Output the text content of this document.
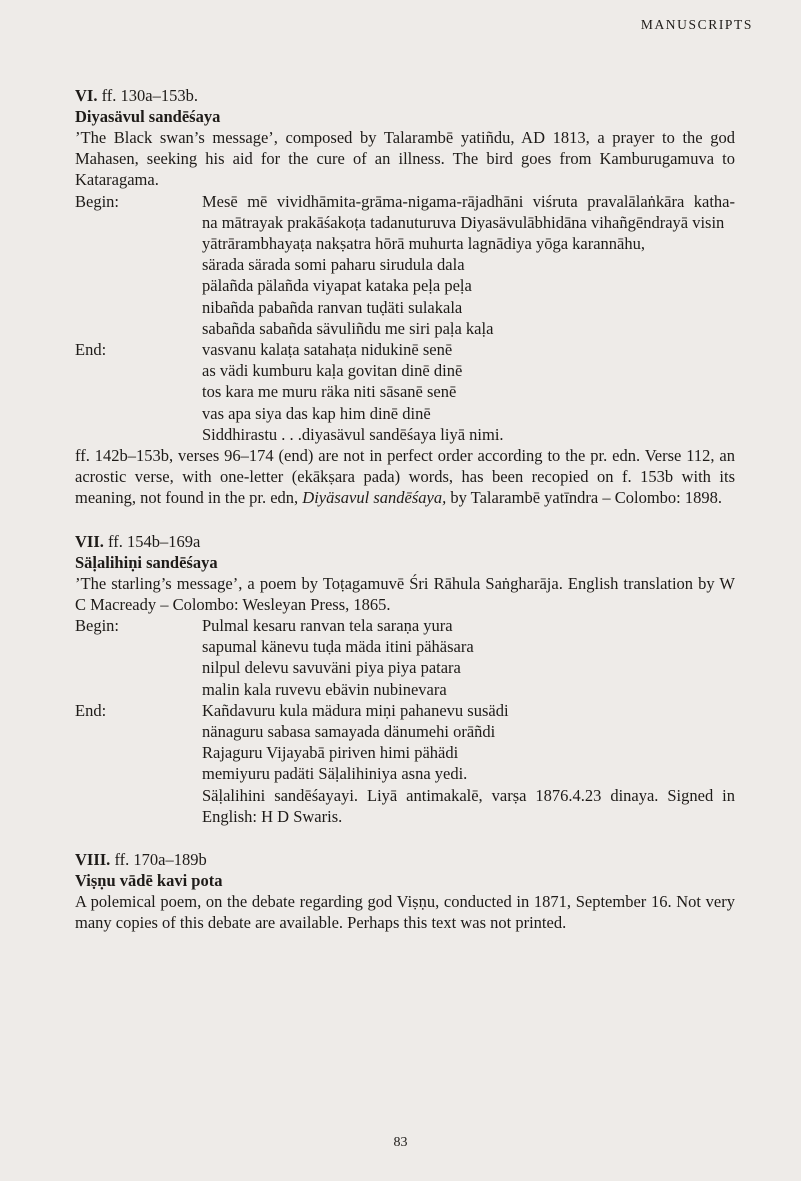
MANUSCRIPTS
VI. ff. 130a–153b.
Diyasävul sandēśaya

’The Black swan’s message’, composed by Talarambē yatiñdu, AD 1813, a prayer to the god Mahasen, seeking his aid for the cure of an illness. The bird goes from Kamburugamuva to Kataragama.

Begin:	Mesē mē vividhāmita-grāma-nigama-rājadhāni viśruta pravalālaṅkāra katha-
na mātrayak prakāśakoṭa tadanuturuva Diyasävulābhidāna vihañgēndrayā visin yātrārambhayaṭa nakṣatra hōrā muhurta lagnādiya yōga karannāhu,
särada särada somi paharu sirudula dala
pälañda pälañda viyapat kataka peḷa peḷa
nibañda pabañda ranvan tuḍäti sulakala
sabañda sabañda sävuliñdu me siri paḷa kaḷa
End:	vasvanu kalaṭa satahaṭa nidukinē senē
as vädi kumburu kaḷa govitan dinē dinē
tos kara me muru räka niti sāsanē senē
vas apa siya das kap him dinē dinē
Siddhirastu . . .diyasävul sandēśaya liyā nimi.

ff. 142b–153b, verses 96–174 (end) are not in perfect order according to the pr. edn. Verse 112, an acrostic verse, with one-letter (ekākṣara pada) words, has been recopied on f. 153b with its meaning, not found in the pr. edn, Diyäsavul sandēśaya, by Talarambē yatīndra – Colombo: 1898.

VII. ff. 154b–169a
Säḷalihiṇi sandēśaya

’The starling’s message’, a poem by Toṭagamuvē Śri Rāhula Saṅgharāja. English translation by W C Macready – Colombo: Wesleyan Press, 1865.

Begin:	Pulmal kesaru ranvan tela saraṇa yura
sapumal känevu tuḍa mäda itini pähäsara
nilpul delevu savuväni piya piya patara
malin kala ruvevu ebävin nubinevara
End:	Kañdavuru kula mädura miṇi pahanevu susädi
nänaguru sabasa samayada dänumehi orāñdi
Rajaguru Vijayabā piriven himi pähädi
memiyuru padäti Säḷalihiniya asna yedi.
Säḷalihini sandēśayayi. Liyā antimakalē, varṣa 1876.4.23 dinaya. Signed in English: H D Swaris.
VIII. ff. 170a–189b
Viṣṇu vādē kavi pota

A polemical poem, on the debate regarding god Viṣṇu, conducted in 1871, September 16. Not very many copies of this debate are available. Perhaps this text was not printed.

83
